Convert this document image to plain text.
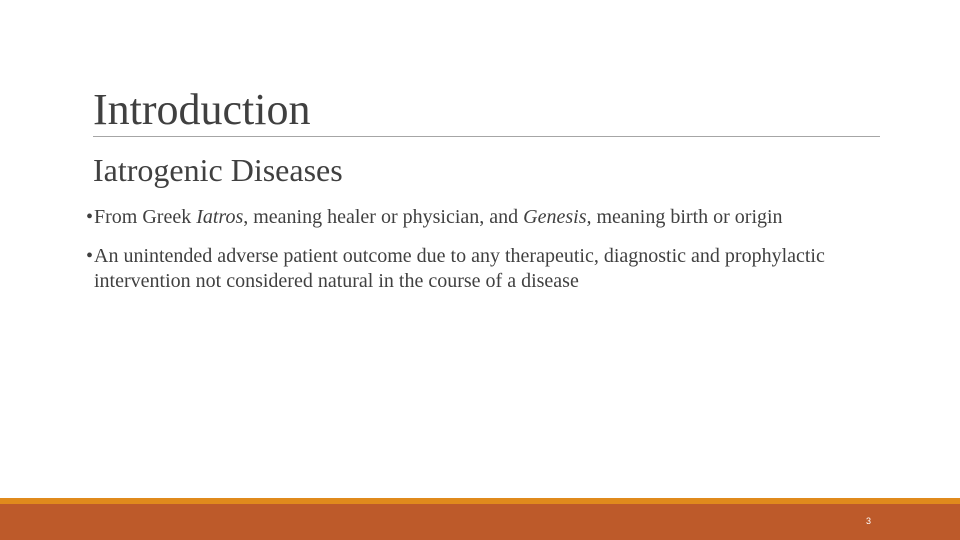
Introduction
Iatrogenic Diseases
• From Greek Iatros, meaning healer or physician, and Genesis, meaning birth or origin
• An unintended adverse patient outcome due to any therapeutic, diagnostic and prophylactic intervention not considered natural in the course of a disease
3
